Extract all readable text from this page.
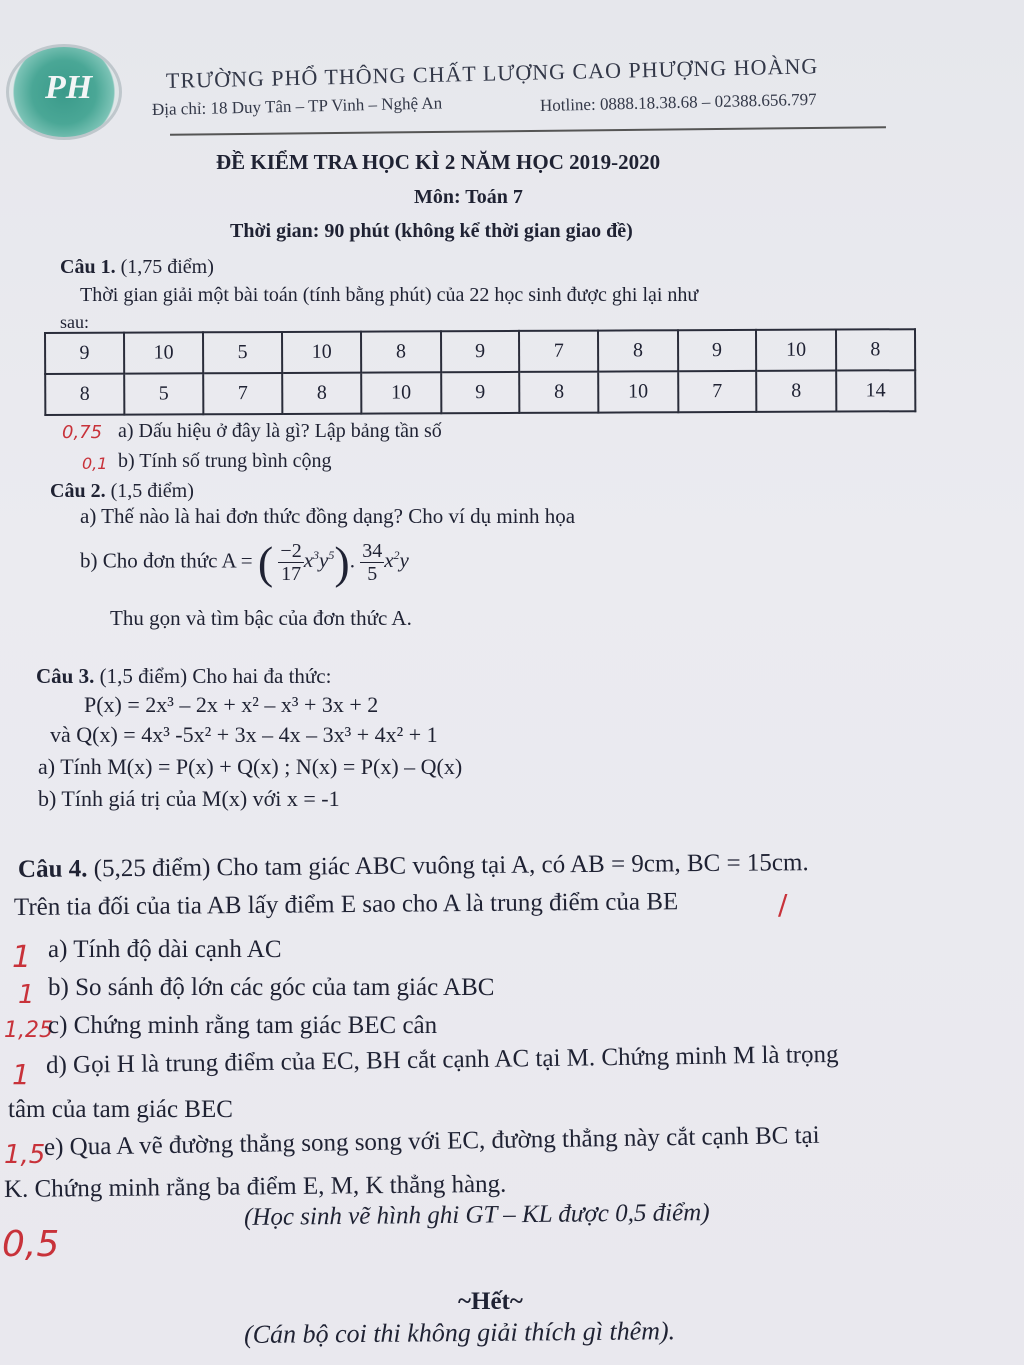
PH	TRƯỜNG PHỔ THÔNG CHẤT LƯỢNG CAO PHƯỢNG HOÀNG
Địa chỉ: 18 Duy Tân – TP Vinh – Nghệ An	Hotline: 0888.18.38.68 – 02388.656.797
ĐỀ KIỂM TRA HỌC KÌ 2 NĂM HỌC 2019-2020
Môn: Toán 7
Thời gian: 90 phút (không kể thời gian giao đề)
Câu 1. (1,75 điểm)
Thời gian giải một bài toán (tính bằng phút) của 22 học sinh được ghi lại như
sau:
9	10	5	10	8	9	7	8	9	10	8
8	5	7	8	10	9	8	10	7	8	14
0,75 a) Dấu hiệu ở đây là gì? Lập bảng tần số
0,1 b) Tính số trung bình cộng
Câu 2. (1,5 điểm)
a) Thế nào là hai đơn thức đồng dạng? Cho ví dụ minh họa
b) Cho đơn thức A = ( $\frac{-2}{17} x^3y^5$). $\frac{34}{5} x^2y$
Thu gọn và tìm bậc của đơn thức A.
Câu 3. (1,5 điểm) Cho hai đa thức:
P(x) = 2x³ – 2x + x² – x³ + 3x + 2
và Q(x) = 4x³ -5x² + 3x – 4x – 3x³ + 4x² + 1
a) Tính M(x) = P(x) + Q(x) ; N(x) = P(x) – Q(x)
b) Tính giá trị của M(x) với x = -1
Câu 4. (5,25 điểm) Cho tam giác ABC vuông tại A, có AB = 9cm, BC = 15cm.
Trên tia đối của tia AB lấy điểm E sao cho A là trung điểm của BE
1 a) Tính độ dài cạnh AC
1 b) So sánh độ lớn các góc của tam giác ABC
1,25
c) Chứng minh rằng tam giác BEC cân
1 d) Gọi H là trung điểm của EC, BH cắt cạnh AC tại M. Chứng minh M là trọng
tâm của tam giác BEC
1,5
e) Qua A vẽ đường thẳng song song với EC, đường thẳng này cắt cạnh BC tại
K. Chứng minh rằng ba điểm E, M, K thẳng hàng.
0,5
(Học sinh vẽ hình ghi GT – KL được 0,5 điểm)
~Hết~
(Cán bộ coi thi không giải thích gì thêm).
/
